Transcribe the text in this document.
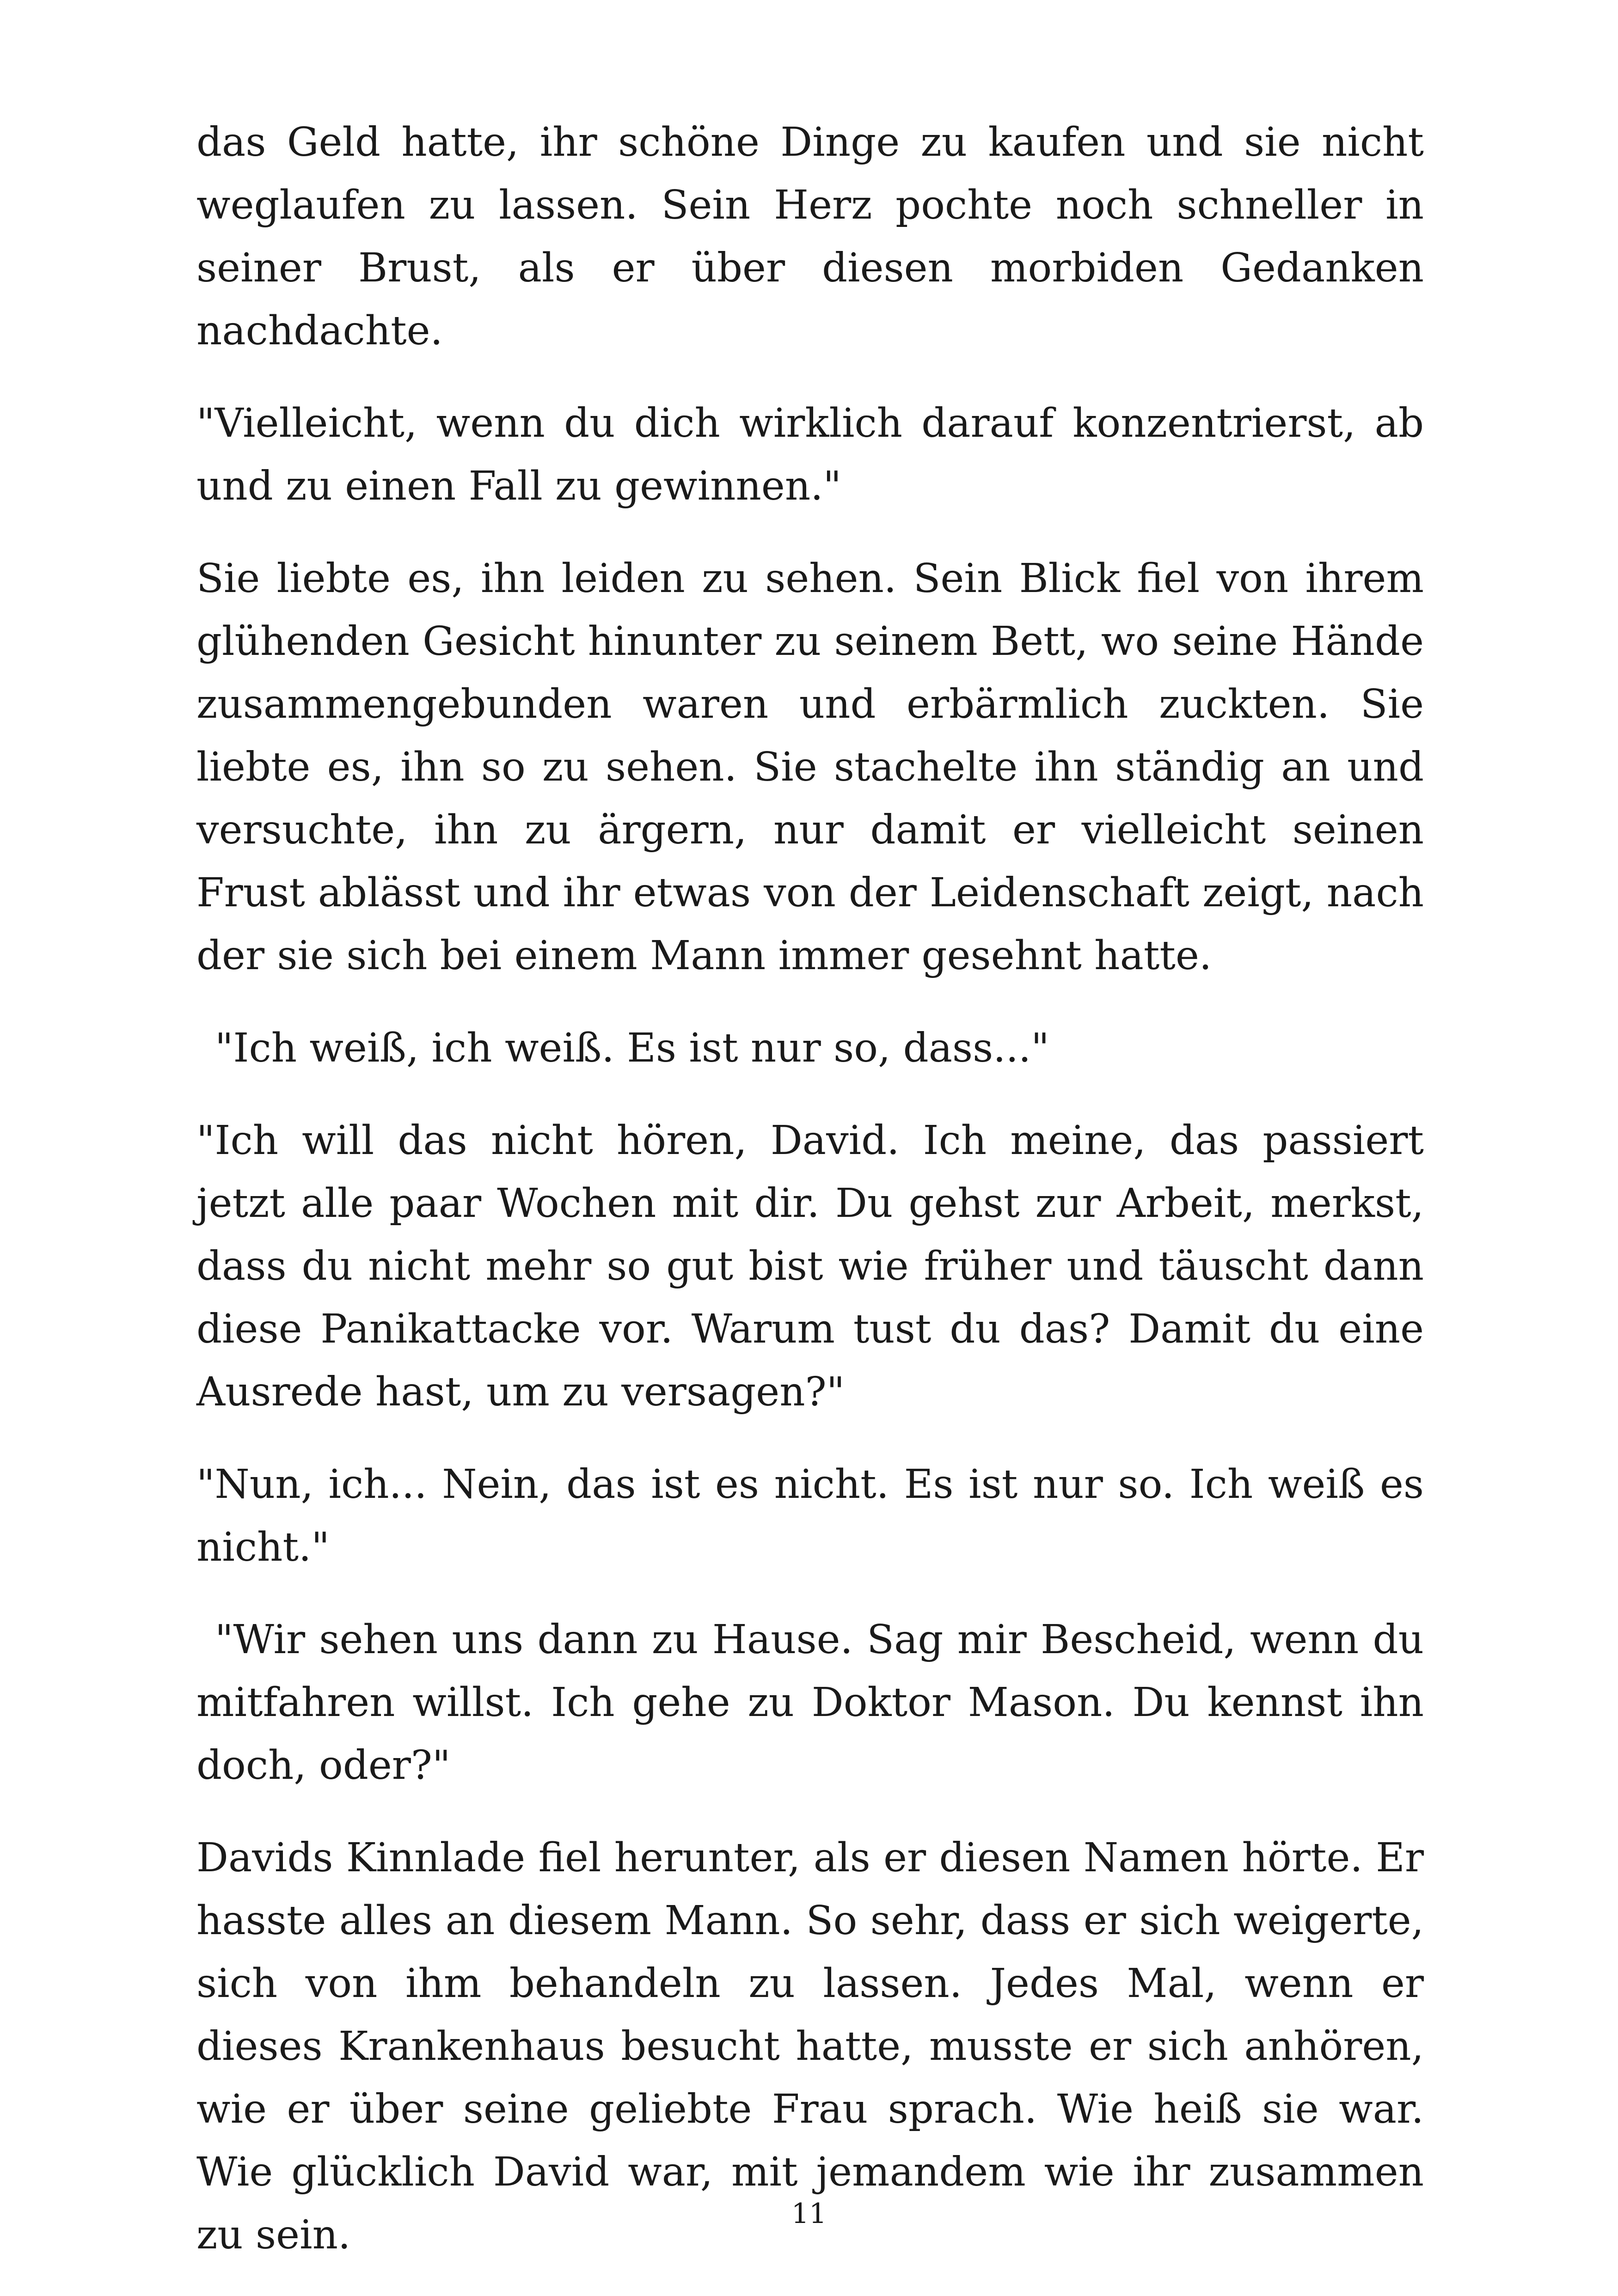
das Geld hatte, ihr schöne Dinge zu kaufen und sie nicht weglaufen zu lassen. Sein Herz pochte noch schneller in seiner Brust, als er über diesen morbiden Gedanken nachdachte.

"Vielleicht, wenn du dich wirklich darauf konzentrierst, ab und zu einen Fall zu gewinnen."

Sie liebte es, ihn leiden zu sehen. Sein Blick fiel von ihrem glühenden Gesicht hinunter zu seinem Bett, wo seine Hände zusammengebunden waren und erbärmlich zuckten. Sie liebte es, ihn so zu sehen. Sie stachelte ihn ständig an und versuchte, ihn zu ärgern, nur damit er vielleicht seinen Frust ablässt und ihr etwas von der Leidenschaft zeigt, nach der sie sich bei einem Mann immer gesehnt hatte.

"Ich weiß, ich weiß. Es ist nur so, dass..."

"Ich will das nicht hören, David. Ich meine, das passiert jetzt alle paar Wochen mit dir. Du gehst zur Arbeit, merkst, dass du nicht mehr so gut bist wie früher und täuscht dann diese Panikattacke vor. Warum tust du das? Damit du eine Ausrede hast, um zu versagen?"

"Nun, ich... Nein, das ist es nicht. Es ist nur so. Ich weiß es nicht."

"Wir sehen uns dann zu Hause. Sag mir Bescheid, wenn du mitfahren willst. Ich gehe zu Doktor Mason. Du kennst ihn doch, oder?"

Davids Kinnlade fiel herunter, als er diesen Namen hörte. Er hasste alles an diesem Mann. So sehr, dass er sich weigerte, sich von ihm behandeln zu lassen. Jedes Mal, wenn er dieses Krankenhaus besucht hatte, musste er sich anhören, wie er über seine geliebte Frau sprach. Wie heiß sie war. Wie glücklich David war, mit jemandem wie ihr zusammen zu sein.	11
